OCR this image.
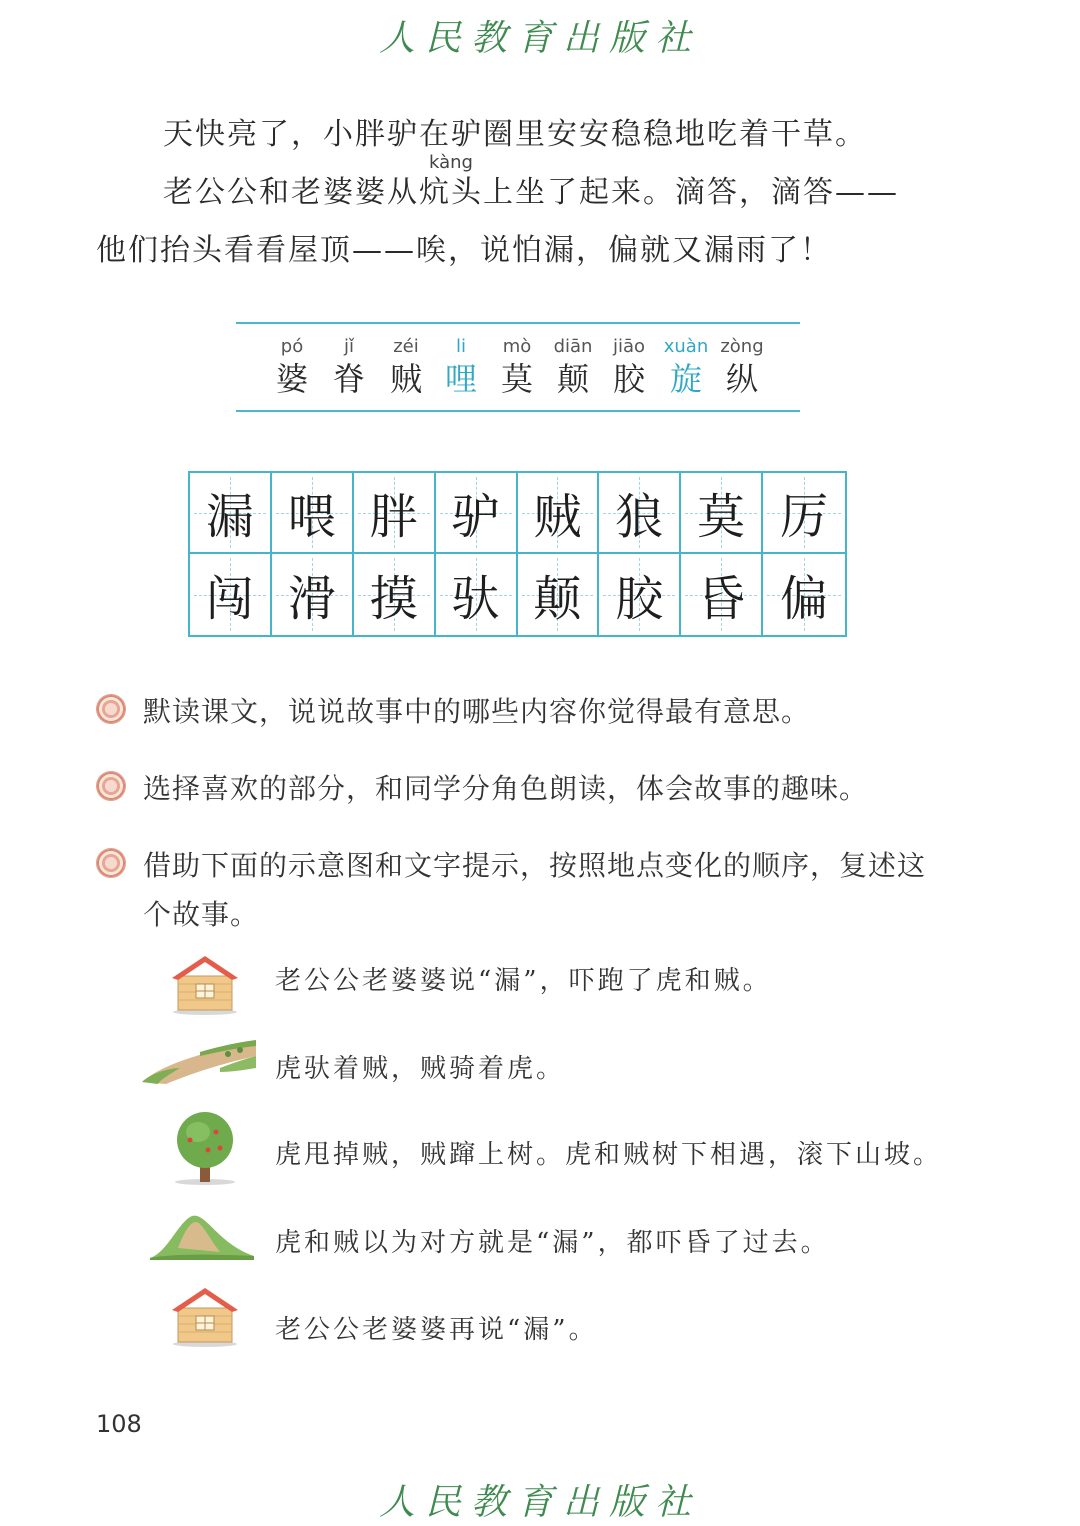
人民教育出版社
天快亮了，小胖驴在驴圈里安安稳稳地吃着干草。
kàng
老公公和老婆婆从炕头上坐了起来。滴答，滴答——
他们抬头看看屋顶——唉，说怕漏，偏就又漏雨了！
pó
婆
jǐ
脊
zéi
贼
li
哩
mò
莫
diān
颠
jiāo
胶
xuàn
旋
zòng
纵
漏 喂 胖 驴 贼 狼 莫 厉
闯 滑 摸 驮 颠 胶 昏 偏
默读课文，说说故事中的哪些内容你觉得最有意思。
选择喜欢的部分，和同学分角色朗读，体会故事的趣味。
借助下面的示意图和文字提示，按照地点变化的顺序，复述这
个故事。
老公公老婆婆说“漏”，吓跑了虎和贼。
虎驮着贼，贼骑着虎。
虎甩掉贼，贼蹿上树。虎和贼树下相遇，滚下山坡。
虎和贼以为对方就是“漏”，都吓昏了过去。
老公公老婆婆再说“漏”。
108
人民教育出版社
